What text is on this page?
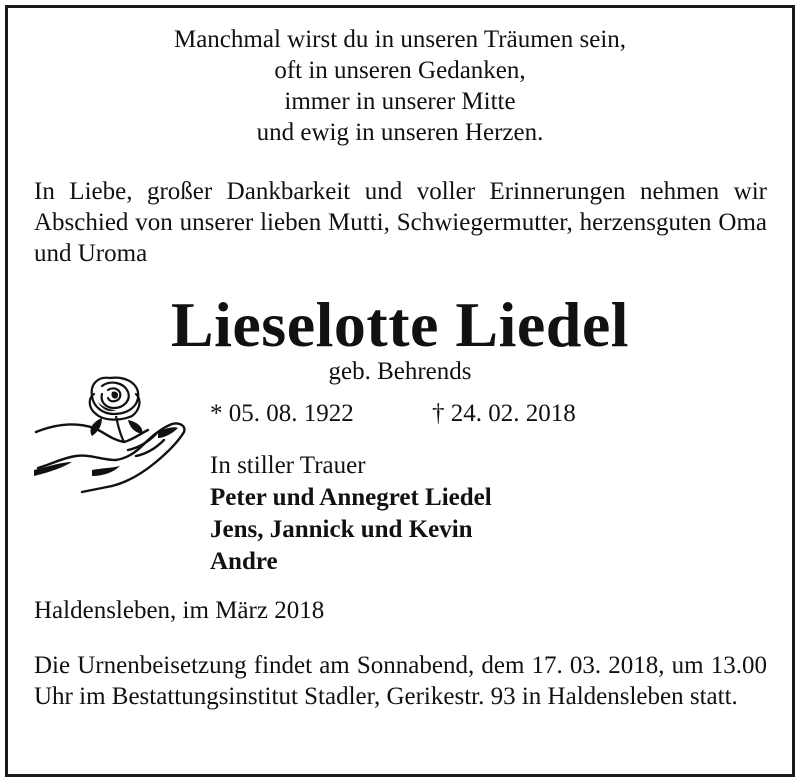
Manchmal wirst du in unseren Träumen sein,
oft in unseren Gedanken,
immer in unserer Mitte
und ewig in unseren Herzen.
In Liebe, großer Dankbarkeit und voller Erinnerungen nehmen wir Abschied von unserer lieben Mutti, Schwiegermutter, herzensguten Oma und Uroma
Lieselotte Liedel
geb. Behrends
* 05. 08. 1922	† 24. 02. 2018
In stiller Trauer
Peter und Annegret Liedel
Jens, Jannick und Kevin
Andre
Haldensleben, im März 2018
Die Urnenbeisetzung findet am Sonnabend, dem 17. 03. 2018, um 13.00 Uhr im Bestattungsinstitut Stadler, Gerikestr. 93 in Haldensleben statt.
